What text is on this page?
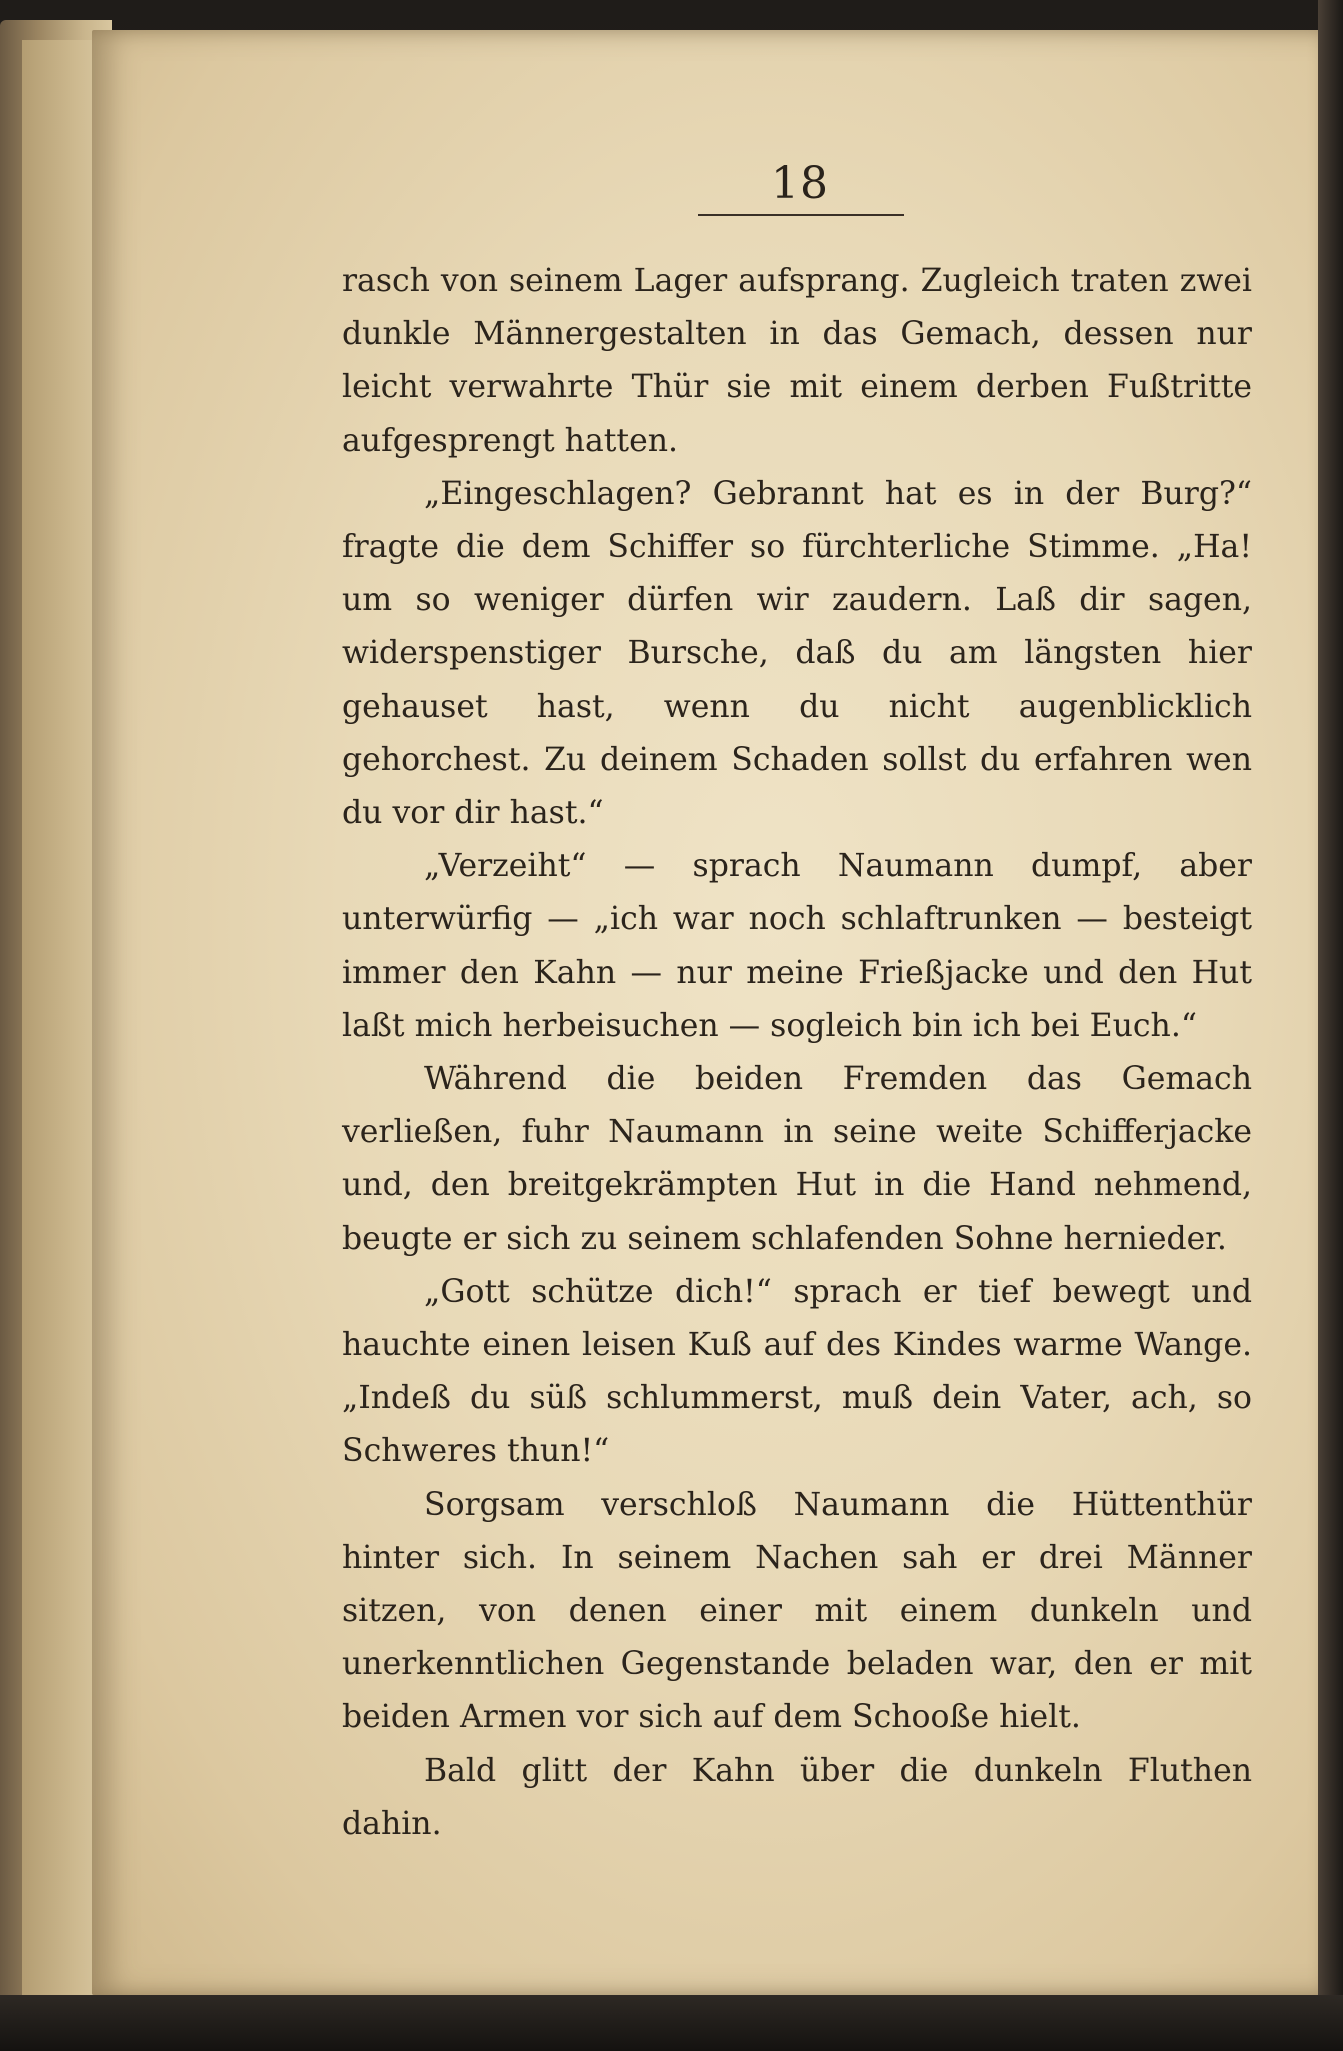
18

rasch von seinem Lager aufsprang. Zugleich traten zwei dunkle Männergestalten in das Gemach, dessen nur leicht verwahrte Thür sie mit einem derben Fußtritte aufgesprengt hatten.

„Eingeschlagen? Gebrannt hat es in der Burg?“ fragte die dem Schiffer so fürchterliche Stimme. „Ha! um so weniger dürfen wir zaudern. Laß dir sagen, widerspenstiger Bursche, daß du am längsten hier gehauset hast, wenn du nicht augenblicklich gehorchest. Zu deinem Schaden sollst du erfahren wen du vor dir hast.“

„Verzeiht“ — sprach Naumann dumpf, aber unterwürfig — „ich war noch schlaftrunken — besteigt immer den Kahn — nur meine Frießjacke und den Hut laßt mich herbeisuchen — sogleich bin ich bei Euch.“

Während die beiden Fremden das Gemach verließen, fuhr Naumann in seine weite Schifferjacke und, den breitgekrämpten Hut in die Hand nehmend, beugte er sich zu seinem schlafenden Sohne hernieder.

„Gott schütze dich!“ sprach er tief bewegt und hauchte einen leisen Kuß auf des Kindes warme Wange. „Indeß du süß schlummerst, muß dein Vater, ach, so Schweres thun!“

Sorgsam verschloß Naumann die Hüttenthür hinter sich. In seinem Nachen sah er drei Männer sitzen, von denen einer mit einem dunkeln und unerkenntlichen Gegenstande beladen war, den er mit beiden Armen vor sich auf dem Schooße hielt.

Bald glitt der Kahn über die dunkeln Fluthen dahin.
